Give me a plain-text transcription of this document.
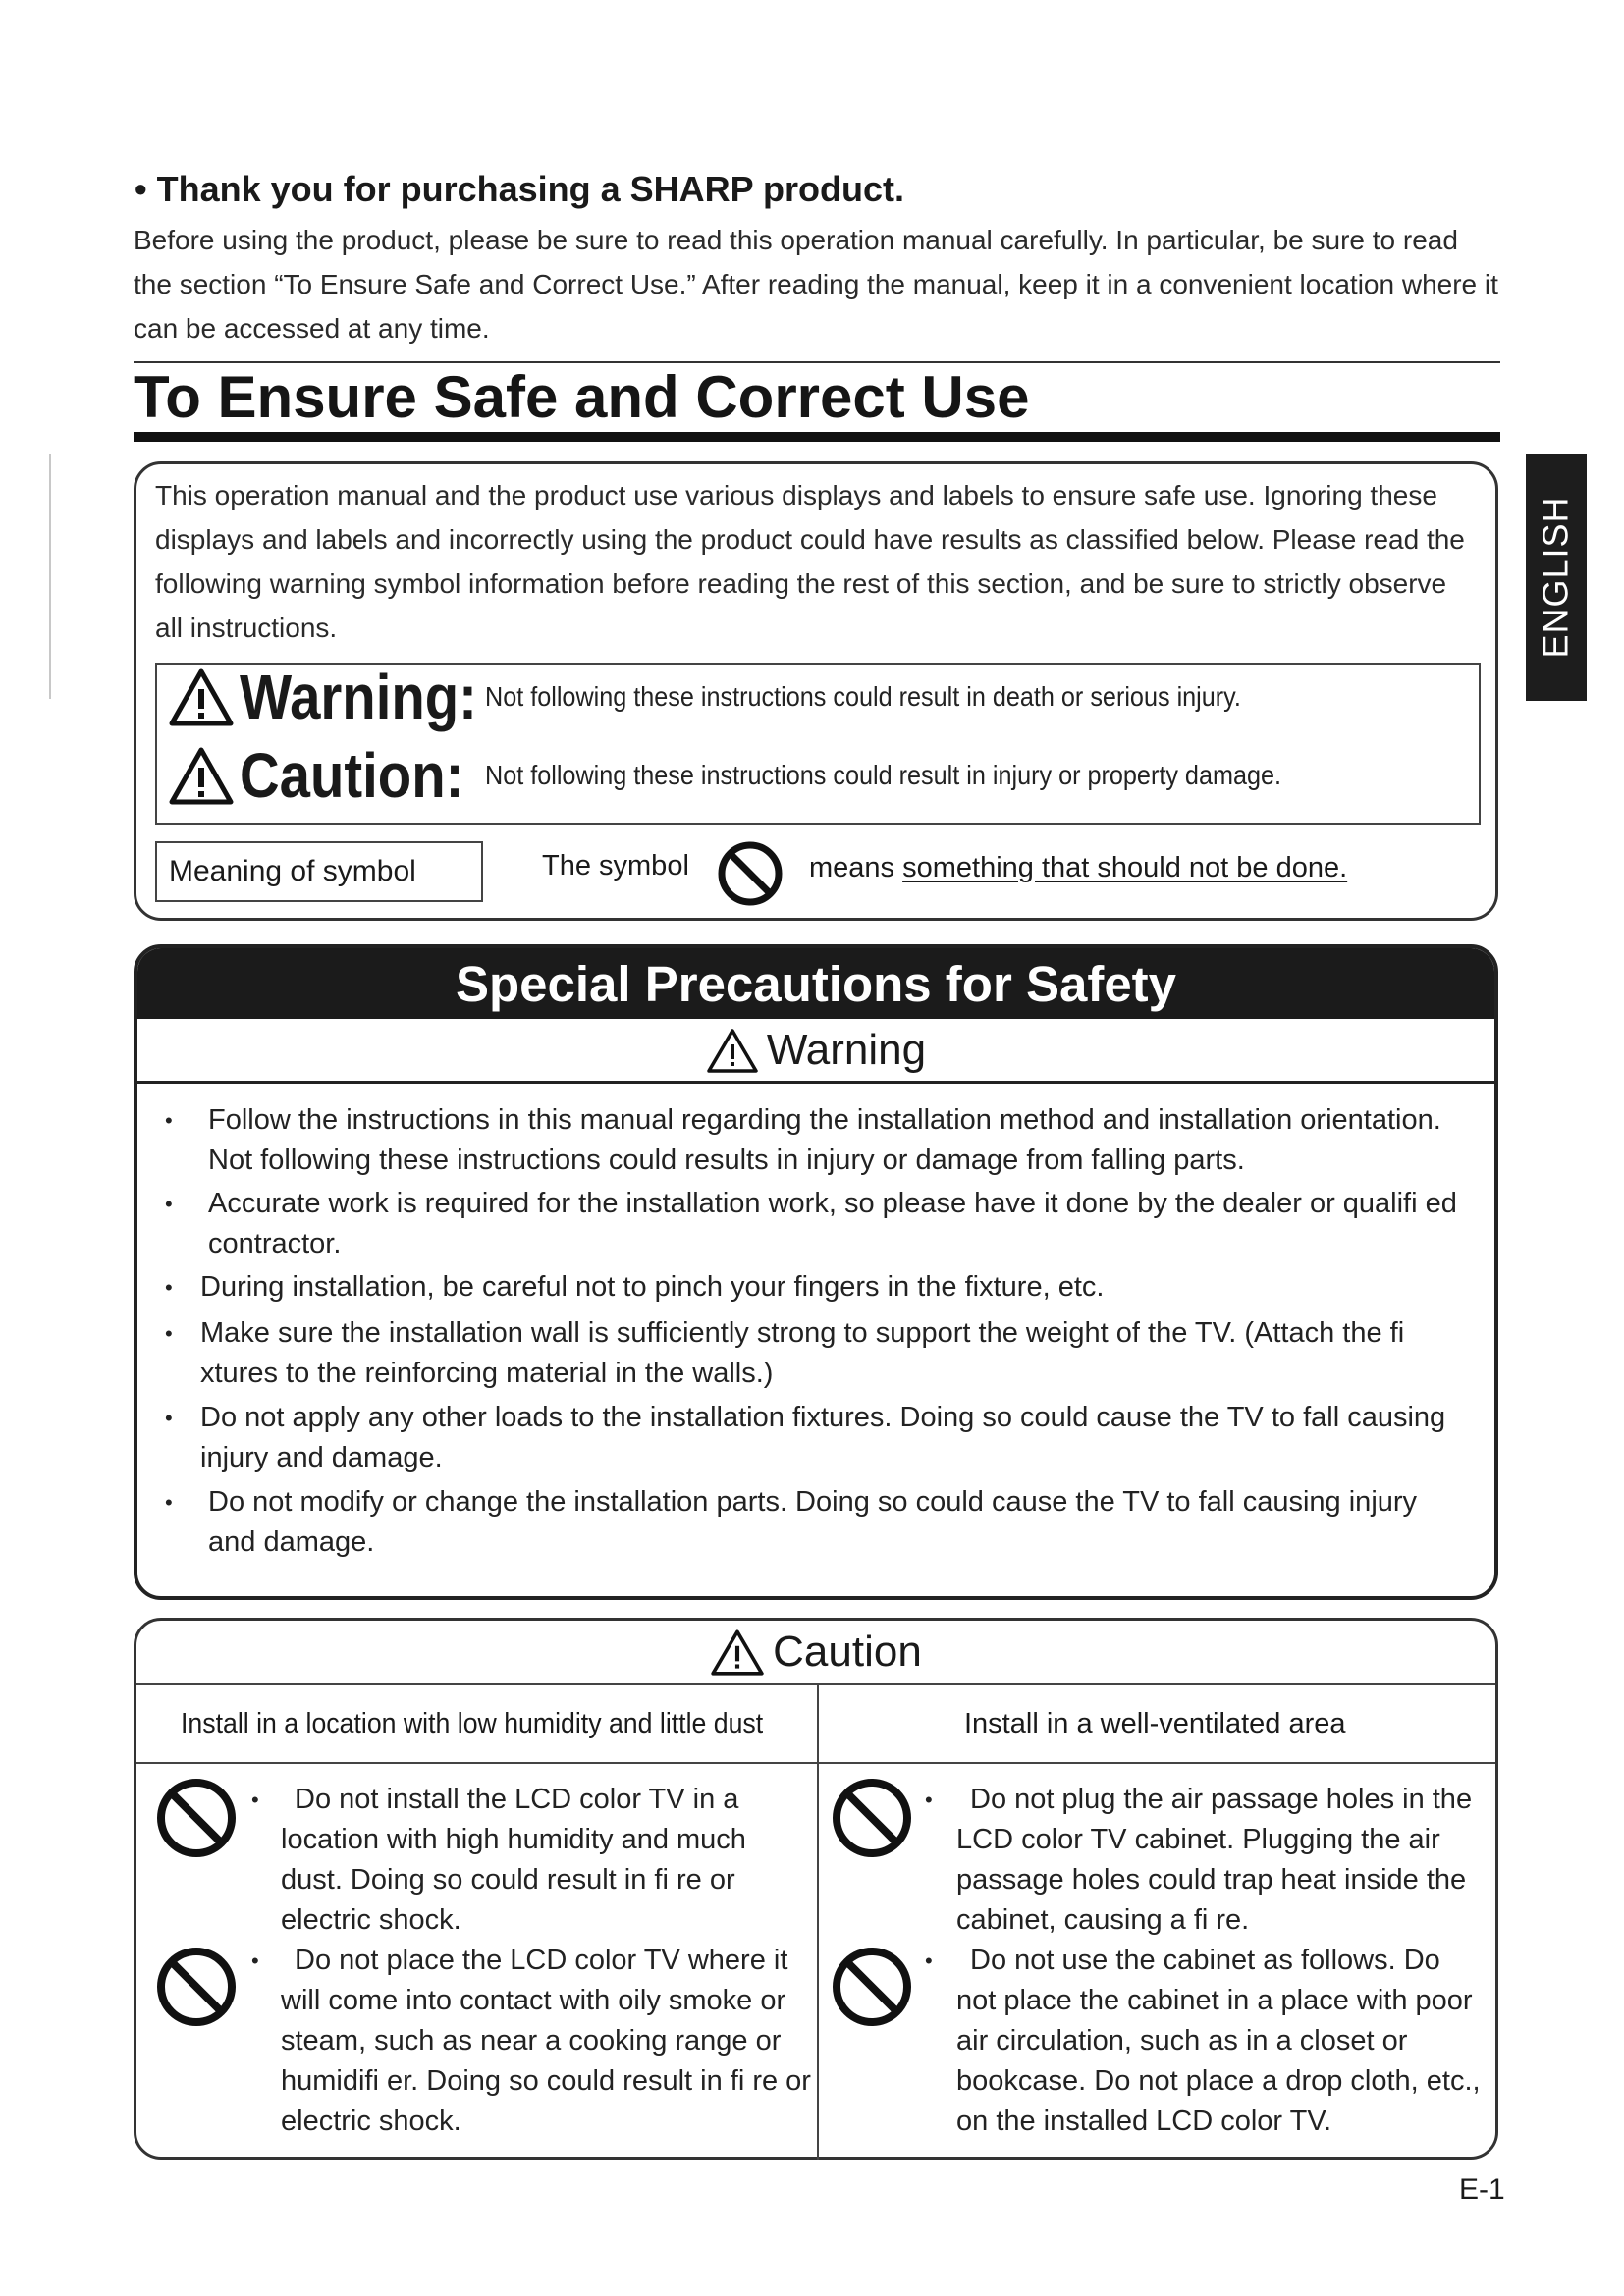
• Thank you for purchasing a SHARP product.
Before using the product, please be sure to read this operation manual carefully. In particular, be sure to read the section “To Ensure Safe and Correct Use.” After reading the manual, keep it in a convenient location where it can be accessed at any time.
To Ensure Safe and Correct Use
ENGLISH
This operation manual and the product use various displays and labels to ensure safe use. Ignoring these displays and labels and incorrectly using the product could have results as classified below. Please read the following warning symbol information before reading the rest of this section, and be sure to strictly observe all instructions.
Warning: Not following these instructions could result in death or serious injury.
Caution: Not following these instructions could result in injury or property damage.
Meaning of symbol	The symbol	means something that should not be done.
Special Precautions for Safety
Warning
•	Follow the instructions in this manual regarding the installation method and installation orientation. Not following these instructions could results in injury or damage from falling parts.
•	Accurate work is required for the installation work, so please have it done by the dealer or qualifi ed contractor.
• During installation, be careful not to pinch your fingers in the fixture, etc.
• Make sure the installation wall is sufficiently strong to support the weight of the TV. (Attach the fi xtures to the reinforcing material in the walls.)
• Do not apply any other loads to the installation fixtures. Doing so could cause the TV to fall causing injury and damage.
•	Do not modify or change the installation parts. Doing so could cause the TV to fall causing injury and damage.
Caution
Install in a location with low humidity and little dust	Install in a well-ventilated area
•	Do not install the LCD color TV in a location with high humidity and much dust. Doing so could result in fi re or electric shock.
•	Do not place the LCD color TV where it will come into contact with oily smoke or steam, such as near a cooking range or humidifi er. Doing so could result in fi re or electric shock.
•	Do not plug the air passage holes in the LCD color TV cabinet. Plugging the air passage holes could trap heat inside the cabinet, causing a fi re.
•	Do not use the cabinet as follows. Do not place the cabinet in a place with poor air circulation, such as in a closet or bookcase. Do not place a drop cloth, etc., on the installed LCD color TV.
E-1
